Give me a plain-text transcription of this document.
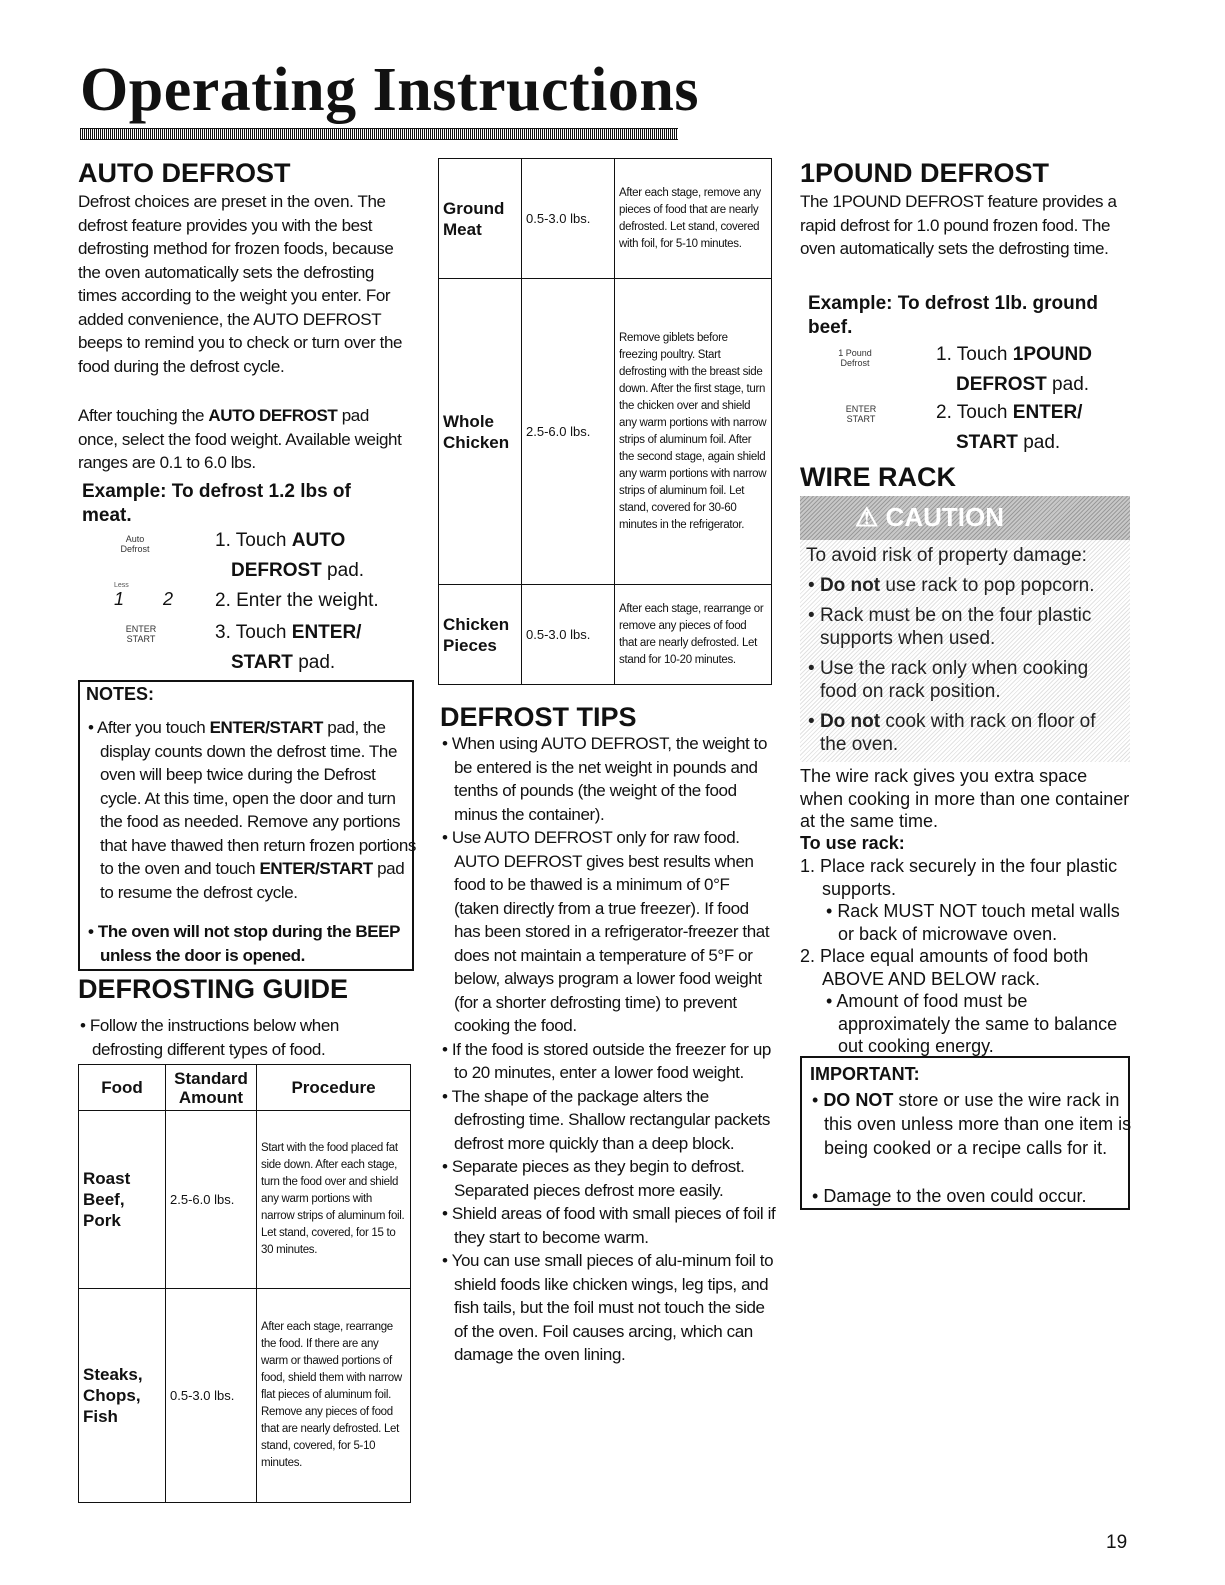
Operating Instructions
AUTO DEFROST
Defrost choices are preset in the oven. The defrost feature provides you with the best defrosting method for frozen foods, because the oven automatically sets the defrosting times according to the weight you enter. For added convenience, the AUTO DEFROST beeps to remind you to check or turn over the food during the defrost cycle.
After touching the AUTO DEFROST pad once, select the food weight. Available weight ranges are 0.1 to 6.0 lbs.
Example: To defrost 1.2 lbs of meat.
Auto Defrost
Less
1   2
ENTER START
1. Touch AUTO
DEFROST pad.
2. Enter the weight.
3. Touch ENTER/
START pad.
NOTES:
• After you touch ENTER/START pad, the display counts down the defrost time. The oven will beep twice during the Defrost cycle. At this time, open the door and turn the food as needed. Remove any portions that have thawed then return frozen portions to the oven and touch ENTER/START pad to resume the defrost cycle.
• The oven will not stop during the BEEP unless the door is opened.
DEFROSTING GUIDE
• Follow the instructions below when defrosting different types of food.
Food	Standard Amount	Procedure
Roast Beef, Pork	2.5-6.0 lbs.	Start with the food placed fat side down. After each stage, turn the food over and shield any warm portions with narrow strips of aluminum foil. Let stand, covered, for 15 to 30 minutes.
Steaks, Chops, Fish	0.5-3.0 lbs.	After each stage, rearrange the food. If there are any warm or thawed portions of food, shield them with narrow flat pieces of aluminum foil. Remove any pieces of food that are nearly defrosted. Let stand, covered, for 5-10 minutes.
Ground Meat	0.5-3.0 lbs.	After each stage, remove any pieces of food that are nearly defrosted. Let stand, covered with foil, for 5-10 minutes.
Whole Chicken	2.5-6.0 lbs.	Remove giblets before freezing poultry. Start defrosting with the breast side down. After the first stage, turn the chicken over and shield any warm portions with narrow strips of aluminum foil. After the second stage, again shield any warm portions with narrow strips of aluminum foil. Let stand, covered for 30-60 minutes in the refrigerator.
Chicken Pieces	0.5-3.0 lbs.	After each stage, rearrange or remove any pieces of food that are nearly defrosted. Let stand for 10-20 minutes.
DEFROST TIPS
• When using AUTO DEFROST, the weight to be entered is the net weight in pounds and tenths of pounds (the weight of the food minus the container).
• Use AUTO DEFROST only for raw food. AUTO DEFROST gives best results when food to be thawed is a minimum of 0°F (taken directly from a true freezer). If food has been stored in a refrigerator-freezer that does not maintain a temperature of 5°F or below, always program a lower food weight (for a shorter defrosting time) to prevent cooking the food.
• If the food is stored outside the freezer for up to 20 minutes, enter a lower food weight.
• The shape of the package alters the defrosting time. Shallow rectangular packets defrost more quickly than a deep block.
• Separate pieces as they begin to defrost. Separated pieces defrost more easily.
• Shield areas of food with small pieces of foil if they start to become warm.
• You can use small pieces of alu-minum foil to shield foods like chicken wings, leg tips, and fish tails, but the foil must not touch the side of the oven. Foil causes arcing, which can damage the oven lining.
1POUND DEFROST
The 1POUND DEFROST feature provides a rapid defrost for 1.0 pound frozen food. The oven automatically sets the defrosting time.
Example: To defrost 1lb. ground beef.
1 Pound Defrost
ENTER START
1. Touch 1POUND
DEFROST pad.
2. Touch ENTER/
START pad.
WIRE RACK
⚠ CAUTION
To avoid risk of property damage:
• Do not use rack to pop popcorn.
• Rack must be on the four plastic supports when used.
• Use the rack only when cooking food on rack position.
• Do not cook with rack on floor of the oven.
The wire rack gives you extra space when cooking in more than one container at the same time.
To use rack:
1. Place rack securely in the four plastic supports.
• Rack MUST NOT touch metal walls or back of microwave oven.
2. Place equal amounts of food both ABOVE AND BELOW rack.
• Amount of food must be approximately the same to balance out cooking energy.
IMPORTANT:
• DO NOT store or use the wire rack in this oven unless more than one item is being cooked or a recipe calls for it.
• Damage to the oven could occur.
19
